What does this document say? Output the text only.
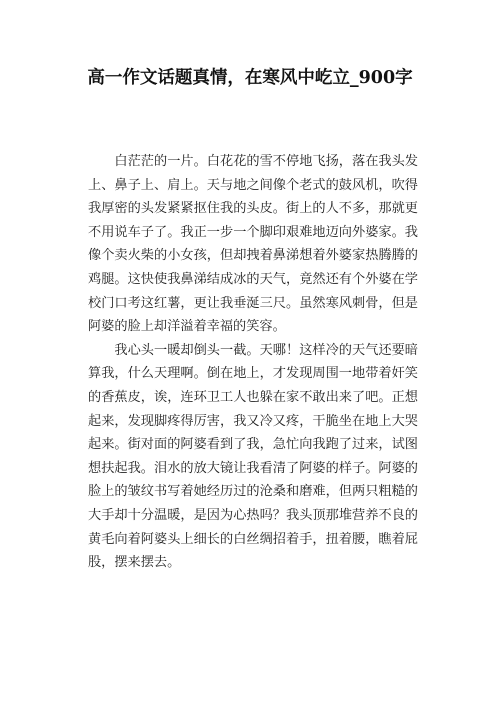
高一作文话题真情，在寒风中屹立_900字

白茫茫的一片。白花花的雪不停地飞扬，落在我头发上、鼻子上、肩上。天与地之间像个老式的鼓风机，吹得我厚密的头发紧紧抠住我的头皮。街上的人不多，那就更不用说车子了。我正一步一个脚印艰难地迈向外婆家。我像个卖火柴的小女孩，但却拽着鼻涕想着外婆家热腾腾的鸡腿。这快使我鼻涕结成冰的天气，竟然还有个外婆在学校门口考这红薯，更让我垂涎三尺。虽然寒风刺骨，但是阿婆的脸上却洋溢着幸福的笑容。

我心头一暖却倒头一截。天哪！这样冷的天气还要暗算我，什么天理啊。倒在地上，才发现周围一地带着奸笑的香蕉皮，诶，连环卫工人也躲在家不敢出来了吧。正想起来，发现脚疼得厉害，我又冷又疼，干脆坐在地上大哭起来。街对面的阿婆看到了我，急忙向我跑了过来，试图想扶起我。泪水的放大镜让我看清了阿婆的样子。阿婆的脸上的皱纹书写着她经历过的沧桑和磨难，但两只粗糙的大手却十分温暖，是因为心热吗？我头顶那堆营养不良的黄毛向着阿婆头上细长的白丝绸招着手，扭着腰，瞧着屁股，摆来摆去。
